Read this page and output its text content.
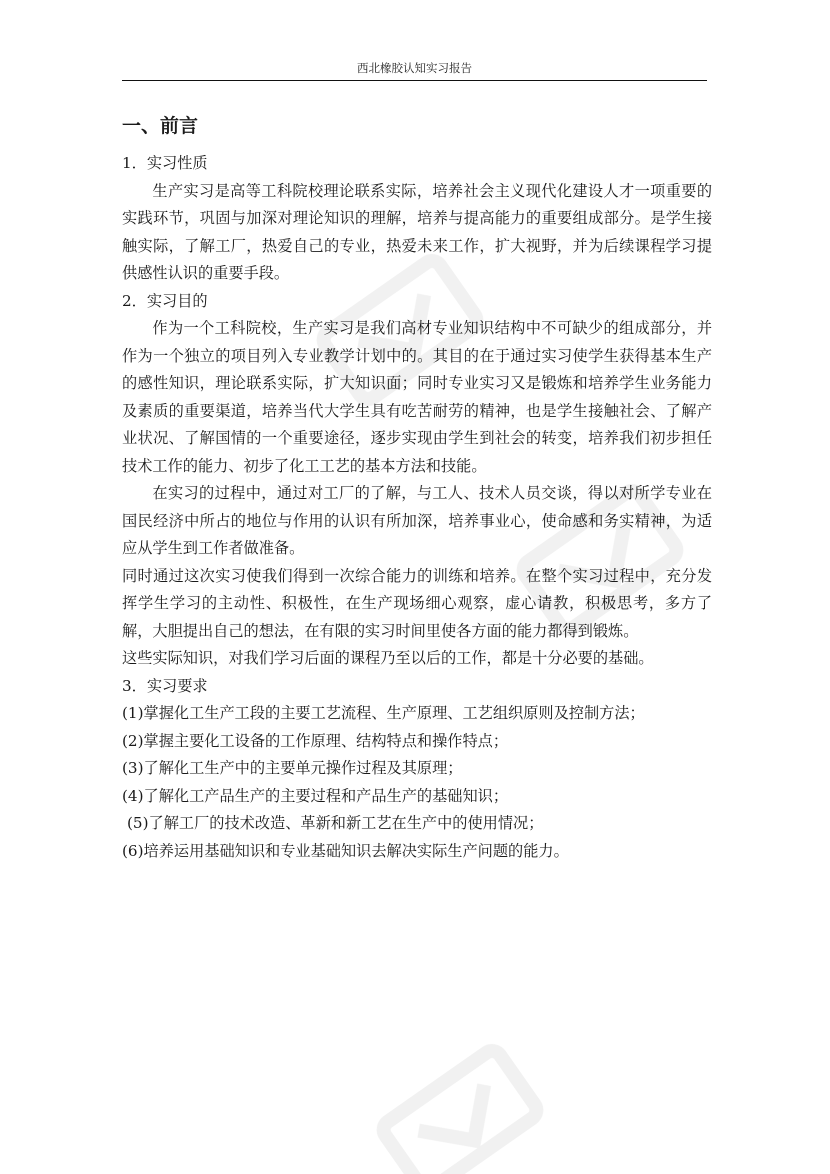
西北橡胶认知实习报告
一、前言
1．实习性质

生产实习是高等工科院校理论联系实际，培养社会主义现代化建设人才一项重要的实践环节，巩固与加深对理论知识的理解，培养与提高能力的重要组成部分。是学生接触实际，了解工厂，热爱自己的专业，热爱未来工作，扩大视野，并为后续课程学习提供感性认识的重要手段。

2．实习目的

作为一个工科院校，生产实习是我们高材专业知识结构中不可缺少的组成部分，并作为一个独立的项目列入专业教学计划中的。其目的在于通过实习使学生获得基本生产的感性知识，理论联系实际，扩大知识面；同时专业实习又是锻炼和培养学生业务能力及素质的重要渠道，培养当代大学生具有吃苦耐劳的精神，也是学生接触社会、了解产业状况、了解国情的一个重要途径，逐步实现由学生到社会的转变，培养我们初步担任技术工作的能力、初步了化工工艺的基本方法和技能。

在实习的过程中，通过对工厂的了解，与工人、技术人员交谈，得以对所学专业在国民经济中所占的地位与作用的认识有所加深，培养事业心，使命感和务实精神，为适应从学生到工作者做准备。

同时通过这次实习使我们得到一次综合能力的训练和培养。在整个实习过程中，充分发挥学生学习的主动性、积极性，在生产现场细心观察，虚心请教，积极思考，多方了解，大胆提出自己的想法，在有限的实习时间里使各方面的能力都得到锻炼。

这些实际知识，对我们学习后面的课程乃至以后的工作，都是十分必要的基础。

3．实习要求

(1)掌握化工生产工段的主要工艺流程、生产原理、工艺组织原则及控制方法；

(2)掌握主要化工设备的工作原理、结构特点和操作特点；

(3)了解化工生产中的主要单元操作过程及其原理；

(4)了解化工产品生产的主要过程和产品生产的基础知识；

(5)了解工厂的技术改造、革新和新工艺在生产中的使用情况；

(6)培养运用基础知识和专业基础知识去解决实际生产问题的能力。
